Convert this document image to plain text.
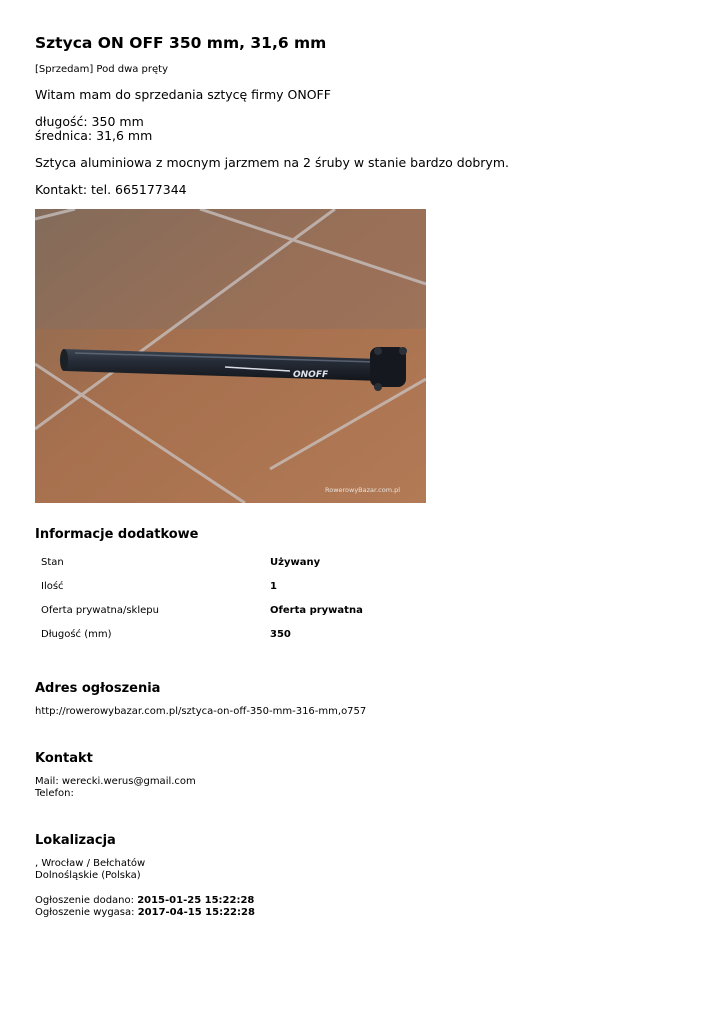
Sztyca ON OFF 350 mm, 31,6 mm
[Sprzedam] Pod dwa pręty
Witam mam do sprzedania sztycę firmy ONOFF
długość: 350 mm
średnica: 31,6 mm
Sztyca aluminiowa z mocnym jarzmem na 2 śruby w stanie bardzo dobrym.
Kontakt: tel. 665177344
ONOFF
RowerowyBazar.com.pl
Informacje dodatkowe
Stan	Używany
Ilość	1
Oferta prywatna/sklepu	Oferta prywatna
Długość (mm)	350
Adres ogłoszenia
http://rowerowybazar.com.pl/sztyca-on-off-350-mm-316-mm,o757
Kontakt
Mail: werecki.werus@gmail.com
Telefon:
Lokalizacja
, Wrocław / Bełchatów
Dolnośląskie (Polska)
Ogłoszenie dodano: 2015-01-25 15:22:28
Ogłoszenie wygasa: 2017-04-15 15:22:28
